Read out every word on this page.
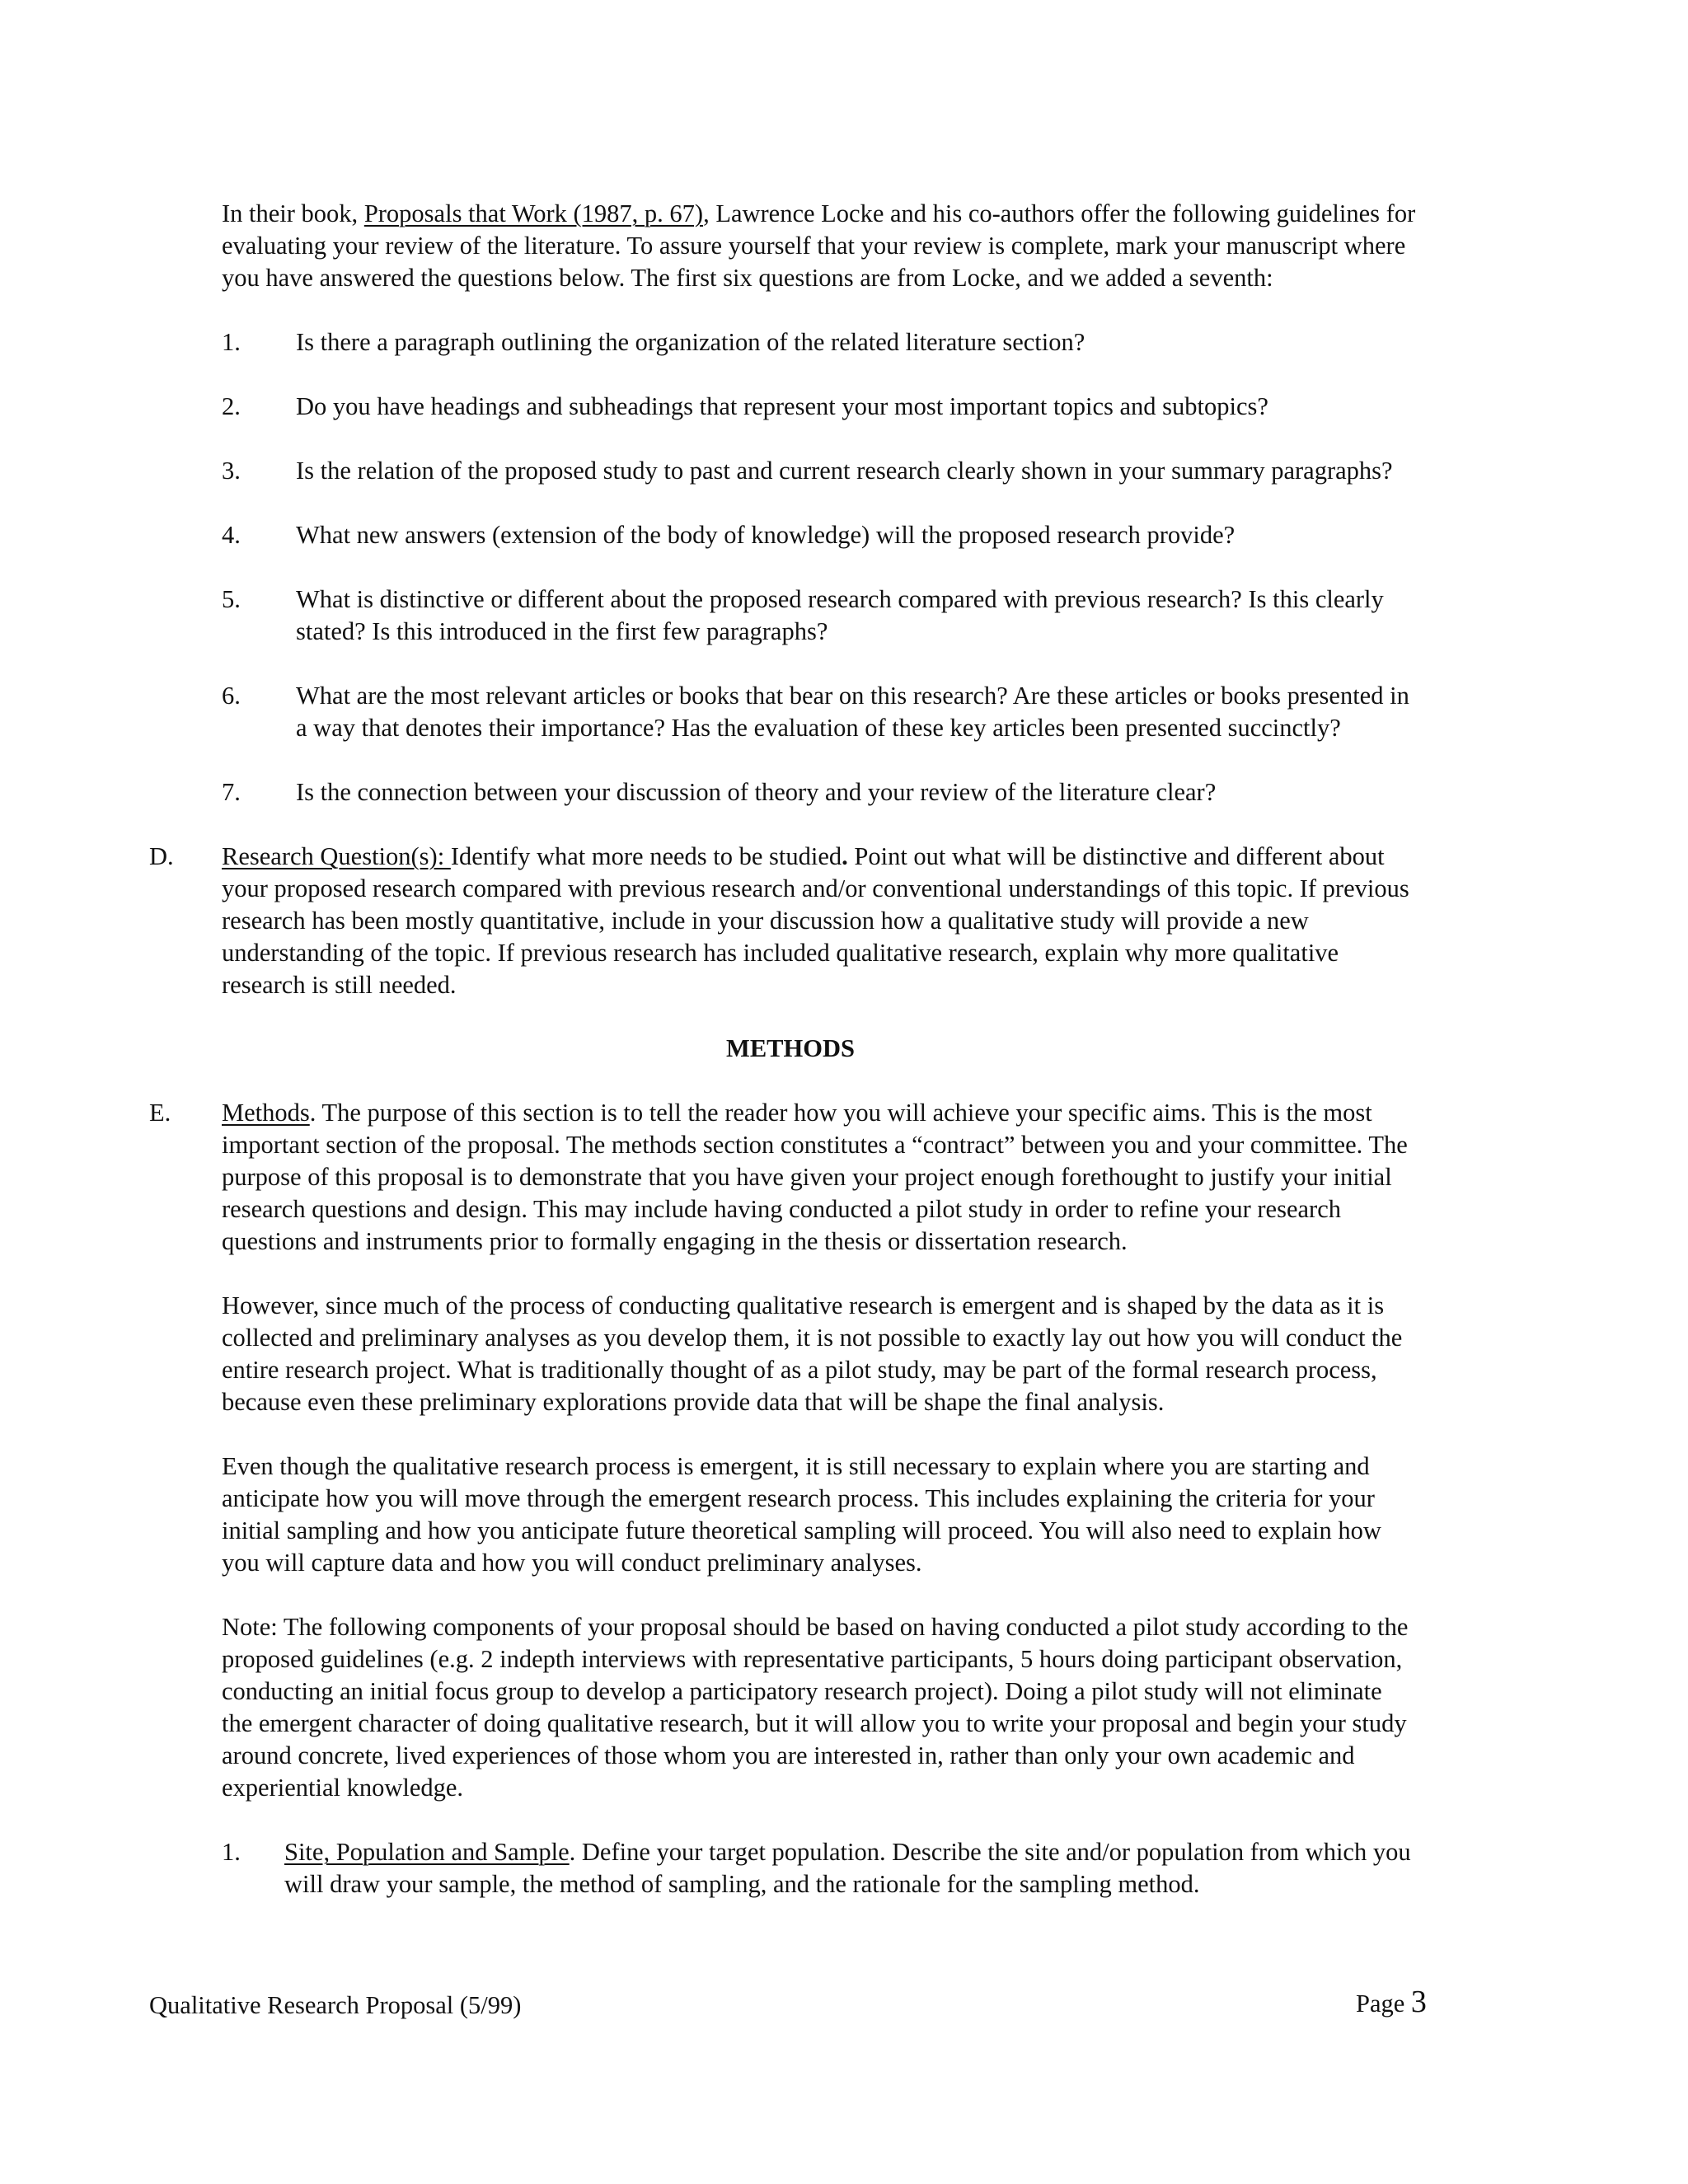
In their book, Proposals that Work (1987, p. 67), Lawrence Locke and his co-authors offer the following guidelines for
evaluating your review of the literature. To assure yourself that your review is complete, mark your manuscript where
you have answered the questions below. The first six questions are from Locke, and we added a seventh:
1. Is there a paragraph outlining the organization of the related literature section?
2. Do you have headings and subheadings that represent your most important topics and subtopics?
3. Is the relation of the proposed study to past and current research clearly shown in your summary paragraphs?
4. What new answers (extension of the body of knowledge) will the proposed research provide?
5. What is distinctive or different about the proposed research compared with previous research? Is this clearly
stated? Is this introduced in the first few paragraphs?
6. What are the most relevant articles or books that bear on this research? Are these articles or books presented in
a way that denotes their importance? Has the evaluation of these key articles been presented succinctly?
7. Is the connection between your discussion of theory and your review of the literature clear?
D. Research Question(s): Identify what more needs to be studied. Point out what will be distinctive and different about
your proposed research compared with previous research and/or conventional understandings of this topic. If previous
research has been mostly quantitative, include in your discussion how a qualitative study will provide a new
understanding of the topic. If previous research has included qualitative research, explain why more qualitative
research is still needed.
METHODS
E. Methods. The purpose of this section is to tell the reader how you will achieve your specific aims. This is the most
important section of the proposal. The methods section constitutes a “contract” between you and your committee. The
purpose of this proposal is to demonstrate that you have given your project enough forethought to justify your initial
research questions and design. This may include having conducted a pilot study in order to refine your research
questions and instruments prior to formally engaging in the thesis or dissertation research.
However, since much of the process of conducting qualitative research is emergent and is shaped by the data as it is
collected and preliminary analyses as you develop them, it is not possible to exactly lay out how you will conduct the
entire research project. What is traditionally thought of as a pilot study, may be part of the formal research process,
because even these preliminary explorations provide data that will be shape the final analysis.
Even though the qualitative research process is emergent, it is still necessary to explain where you are starting and
anticipate how you will move through the emergent research process. This includes explaining the criteria for your
initial sampling and how you anticipate future theoretical sampling will proceed. You will also need to explain how
you will capture data and how you will conduct preliminary analyses.
Note: The following components of your proposal should be based on having conducted a pilot study according to the
proposed guidelines (e.g. 2 indepth interviews with representative participants, 5 hours doing participant observation,
conducting an initial focus group to develop a participatory research project). Doing a pilot study will not eliminate
the emergent character of doing qualitative research, but it will allow you to write your proposal and begin your study
around concrete, lived experiences of those whom you are interested in, rather than only your own academic and
experiential knowledge.
1. Site, Population and Sample. Define your target population. Describe the site and/or population from which you
will draw your sample, the method of sampling, and the rationale for the sampling method.
Qualitative Research Proposal (5/99)	Page 3
